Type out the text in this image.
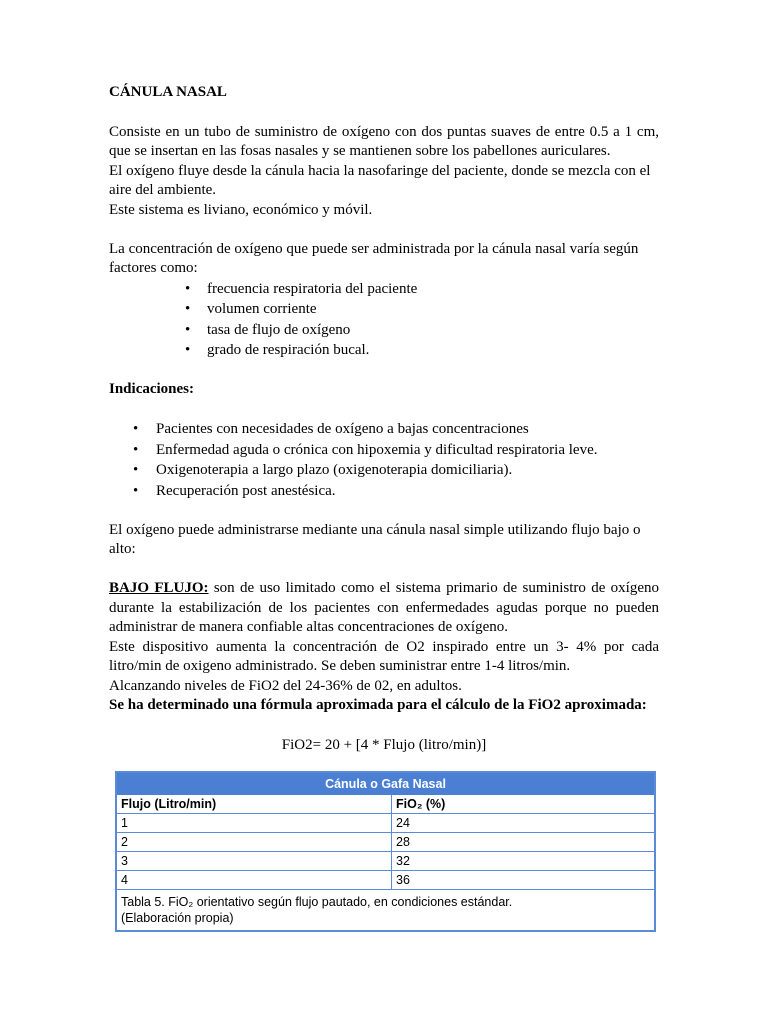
CÁNULA NASAL

Consiste en un tubo de suministro de oxígeno con dos puntas suaves de entre 0.5 a 1 cm, que se insertan en las fosas nasales y se mantienen sobre los pabellones auriculares.

El oxígeno fluye desde la cánula hacia la nasofaringe del paciente, donde se mezcla con el aire del ambiente.

Este sistema es liviano, económico y móvil.

La concentración de oxígeno que puede ser administrada por la cánula nasal varía según factores como:

• frecuencia respiratoria del paciente
• volumen corriente
• tasa de flujo de oxígeno
• grado de respiración bucal.

Indicaciones:

• Pacientes con necesidades de oxígeno a bajas concentraciones
• Enfermedad aguda o crónica con hipoxemia y dificultad respiratoria leve.
• Oxigenoterapia a largo plazo (oxigenoterapia domiciliaria).
• Recuperación post anestésica.

El oxígeno puede administrarse mediante una cánula nasal simple utilizando flujo bajo o alto:

BAJO FLUJO: son de uso limitado como el sistema primario de suministro de oxígeno durante la estabilización de los pacientes con enfermedades agudas porque no pueden administrar de manera confiable altas concentraciones de oxígeno.

Este dispositivo aumenta la concentración de O2 inspirado entre un 3- 4% por cada litro/min de oxigeno administrado. Se deben suministrar entre 1-4 litros/min.

Alcanzando niveles de FiO2 del 24-36% de 02, en adultos.

Se ha determinado una fórmula aproximada para el cálculo de la FiO2 aproximada:

FiO2= 20 + [4 * Flujo (litro/min)]

Cánula o Gafa Nasal	
Flujo (Litro/min)	FiO₂ (%)
1	24
2	28
3	32
4	36
Tabla 5. FiO₂ orientativo según flujo pautado, en condiciones estándar.
(Elaboración propia)	
